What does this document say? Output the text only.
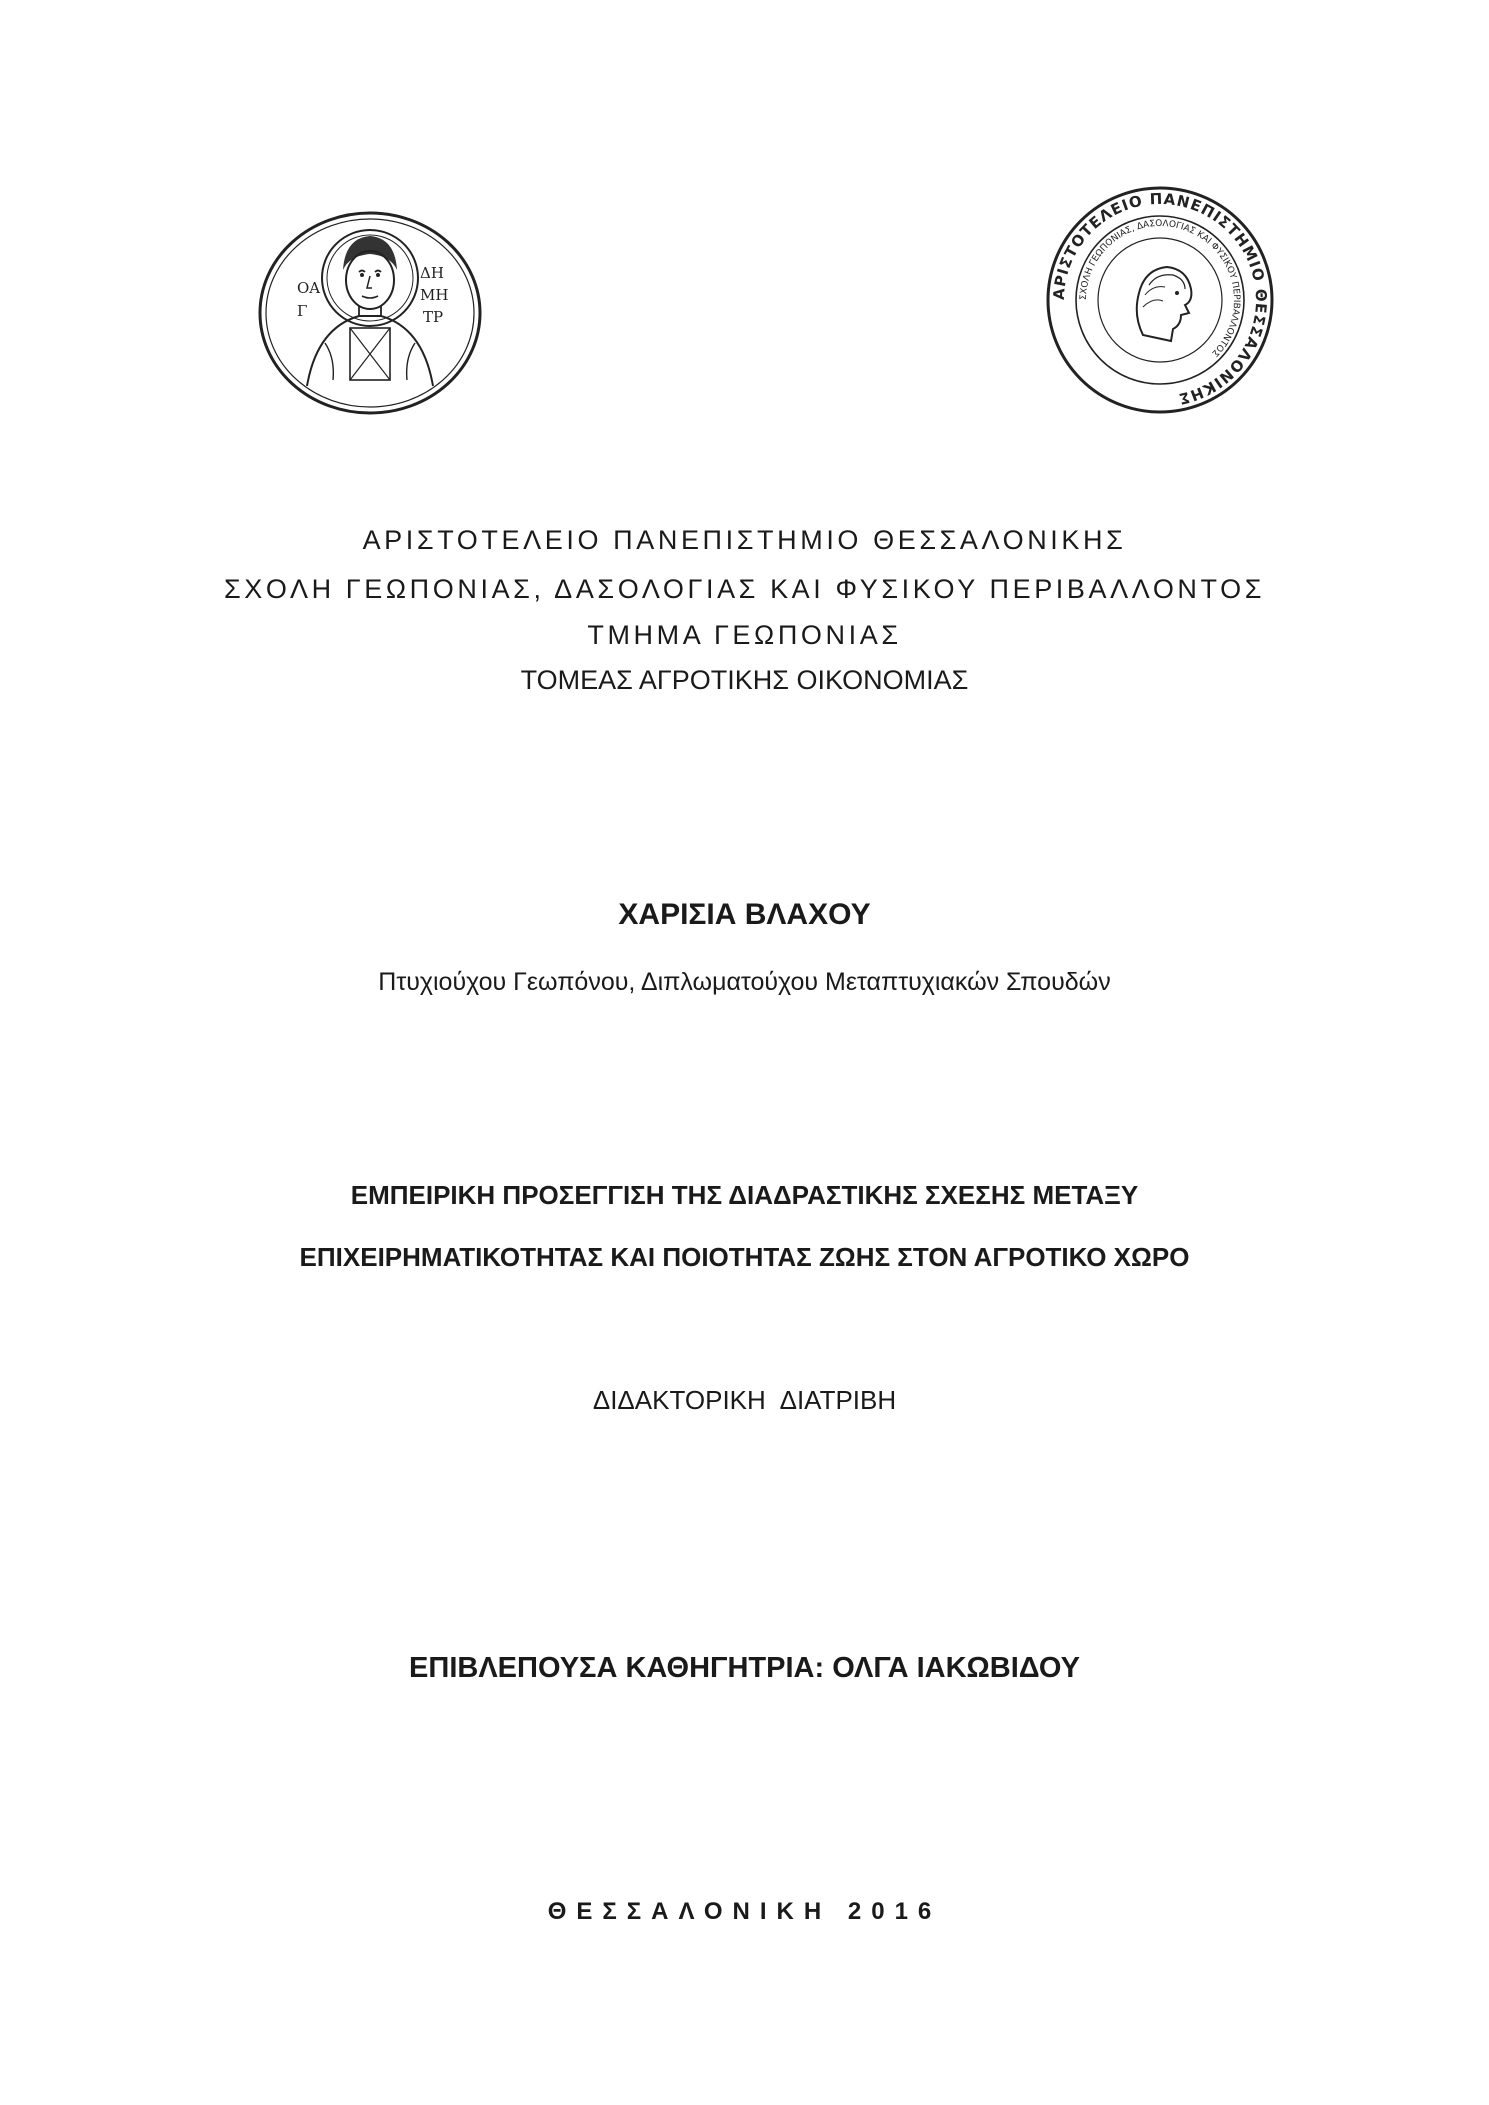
ΟΑ
Γ
ΔΗ
ΜΗ
ΤΡ
ΑΡΙΣΤΟΤΕΛΕΙΟ ΠΑΝΕΠΙΣΤΗΜΙΟ ΘΕΣΣΑΛΟΝΙΚΗΣ
ΣΧΟΛΗ ΓΕΩΠΟΝΙΑΣ, ΔΑΣΟΛΟΓΙΑΣ ΚΑΙ ΦΥΣΙΚΟΥ ΠΕΡΙΒΑΛΛΟΝΤΟΣ
ΑΡΙΣΤΟΤΕΛΕΙΟ ΠΑΝΕΠΙΣΤΗΜΙΟ ΘΕΣΣΑΛΟΝΙΚΗΣ
ΣΧΟΛΗ ΓΕΩΠΟΝΙΑΣ, ΔΑΣΟΛΟΓΙΑΣ ΚΑΙ ΦΥΣΙΚΟΥ ΠΕΡΙΒΑΛΛΟΝΤΟΣ
ΤΜΗΜΑ ΓΕΩΠΟΝΙΑΣ
ΤΟΜΕΑΣ ΑΓΡΟΤΙΚΗΣ ΟΙΚΟΝΟΜΙΑΣ
ΧΑΡΙΣΙΑ ΒΛΑΧΟΥ
Πτυχιούχου Γεωπόνου, Διπλωματούχου Μεταπτυχιακών Σπουδών
ΕΜΠΕΙΡΙΚΗ ΠΡΟΣΕΓΓΙΣΗ ΤΗΣ ΔΙΑΔΡΑΣΤΙΚΗΣ ΣΧΕΣΗΣ ΜΕΤΑΞΥ
ΕΠΙΧΕΙΡΗΜΑΤΙΚΟΤΗΤΑΣ ΚΑΙ ΠΟΙΟΤΗΤΑΣ ΖΩΗΣ ΣΤΟΝ ΑΓΡΟΤΙΚΟ ΧΩΡΟ
ΔΙΔΑΚΤΟΡΙΚΗ ΔΙΑΤΡΙΒΗ
ΕΠΙΒΛΕΠΟΥΣΑ ΚΑΘΗΓΗΤΡΙΑ: ΟΛΓΑ ΙΑΚΩΒΙΔΟΥ
ΘΕΣΣΑΛΟΝΙΚΗ 2016
